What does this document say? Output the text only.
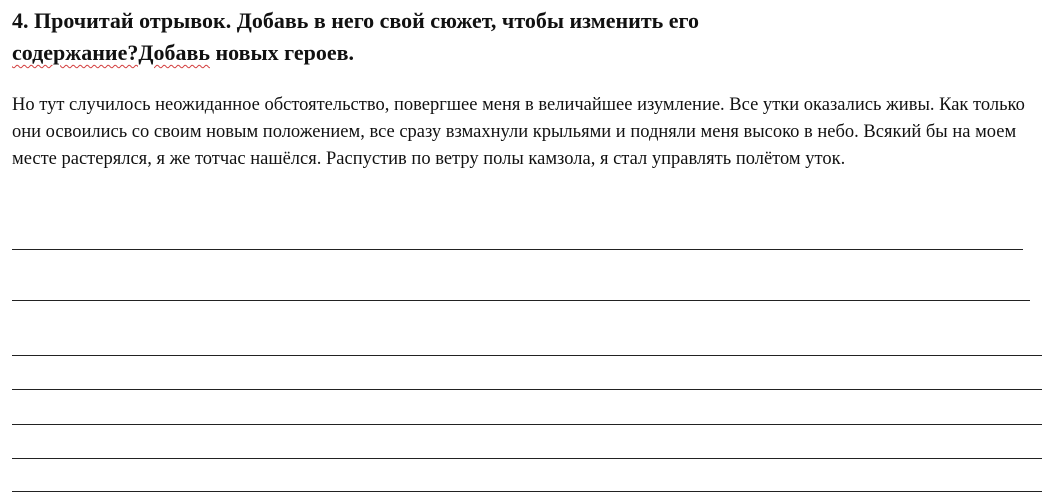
4. Прочитай отрывок. Добавь в него свой сюжет, чтобы изменить его
содержание?Добавь новых героев.

Но тут случилось неожиданное обстоятельство, повергшее меня в величайшее изумление. Все утки оказались живы. Как только они освоились со своим новым положением, все сразу взмахнули крыльями и подняли меня высоко в небо. Всякий бы на моем месте растерялся, я же тотчас нашёлся. Распустив по ветру полы камзола, я стал управлять полётом уток.
